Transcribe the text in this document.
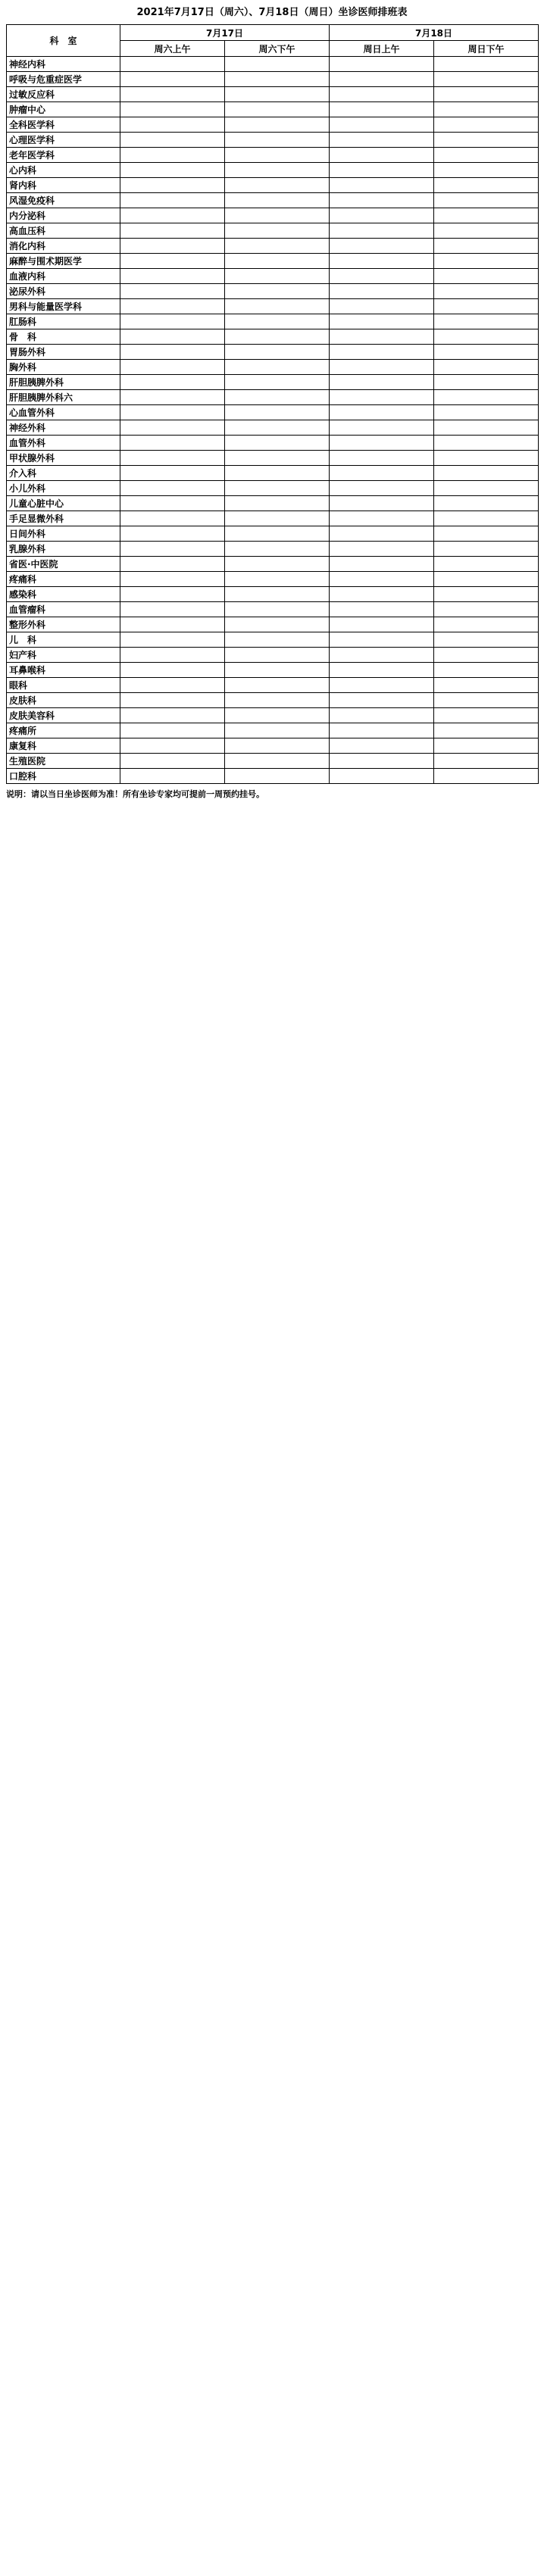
2021年7月17日（周六）、7月18日（周日）坐诊医师排班表
科　室	7月17日		7月18日	
	周六上午	周六下午	周日上午	周日下午
神经内科				
呼吸与危重症医学				
过敏反应科				
肿瘤中心				
全科医学科				
心理医学科				
老年医学科				
心内科				
肾内科				
风湿免疫科				
内分泌科				
高血压科				
消化内科				
麻醉与围术期医学				
血液内科				
泌尿外科				
男科与能量医学科				
肛肠科				
骨　科				
胃肠外科				
胸外科				
肝胆胰脾外科				
肝胆胰脾外科六				
心血管外科				
神经外科				
血管外科				
甲状腺外科				
介入科				
小儿外科				
儿童心脏中心				
手足显微外科				
日间外科				
乳腺外科				
省医·中医院				
疼痛科				
感染科				
血管瘤科				
整形外科				
儿　科				
妇产科				
耳鼻喉科				
眼科				
皮肤科				
皮肤美容科				
疼痛所				
康复科				
生殖医院				
口腔科				
说明：请以当日坐诊医师为准！所有坐诊专家均可提前一周预约挂号。
